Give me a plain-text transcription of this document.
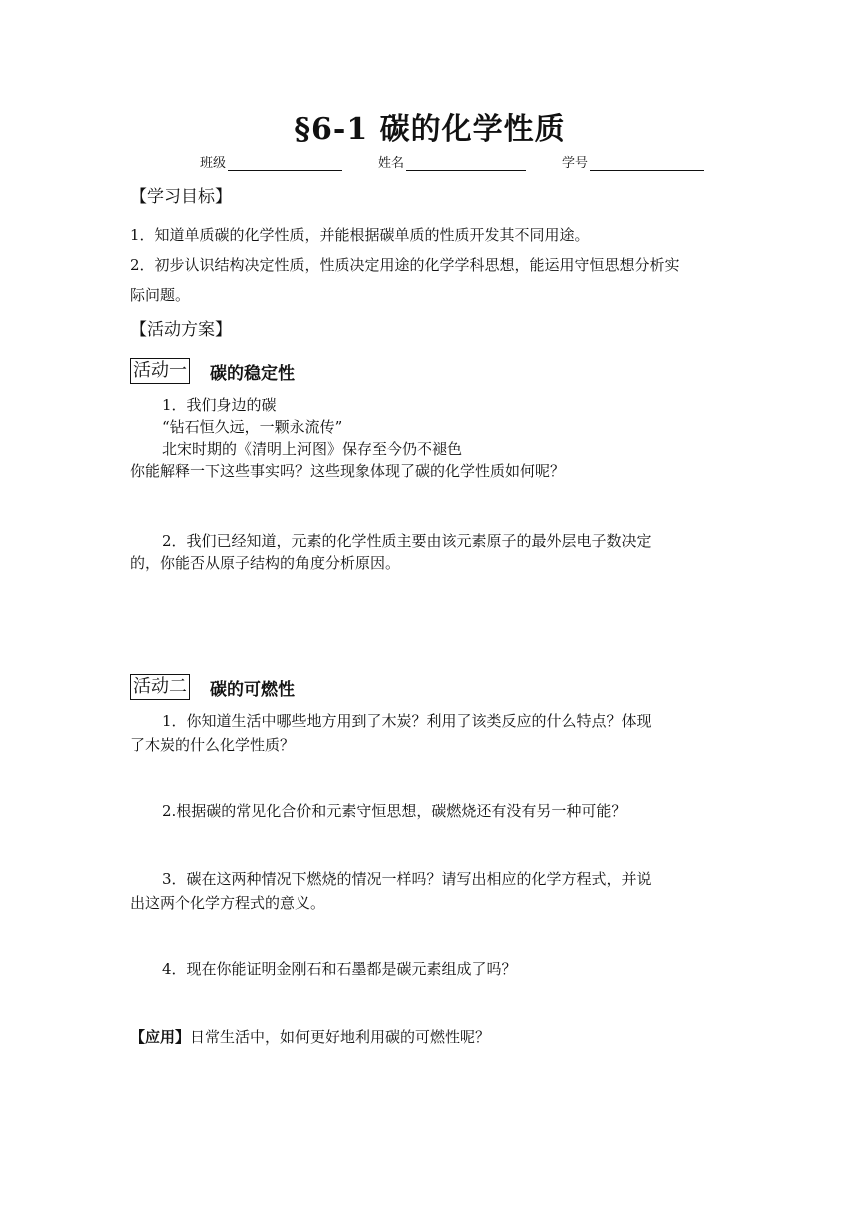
§6-1 碳的化学性质
班级	姓名	学号
【学习目标】
1．知道单质碳的化学性质，并能根据碳单质的性质开发其不同用途。
2．初步认识结构决定性质，性质决定用途的化学学科思想，能运用守恒思想分析实
际问题。
【活动方案】
活动一 碳的稳定性
1．我们身边的碳
“钻石恒久远，一颗永流传”
北宋时期的《清明上河图》保存至今仍不褪色
你能解释一下这些事实吗？这些现象体现了碳的化学性质如何呢？
2．我们已经知道，元素的化学性质主要由该元素原子的最外层电子数决定
的，你能否从原子结构的角度分析原因。
活动二 碳的可燃性
1．你知道生活中哪些地方用到了木炭？利用了该类反应的什么特点？体现
了木炭的什么化学性质？
2.根据碳的常见化合价和元素守恒思想，碳燃烧还有没有另一种可能？
3．碳在这两种情况下燃烧的情况一样吗？请写出相应的化学方程式，并说
出这两个化学方程式的意义。
4．现在你能证明金刚石和石墨都是碳元素组成了吗？
【应用】日常生活中，如何更好地利用碳的可燃性呢？
